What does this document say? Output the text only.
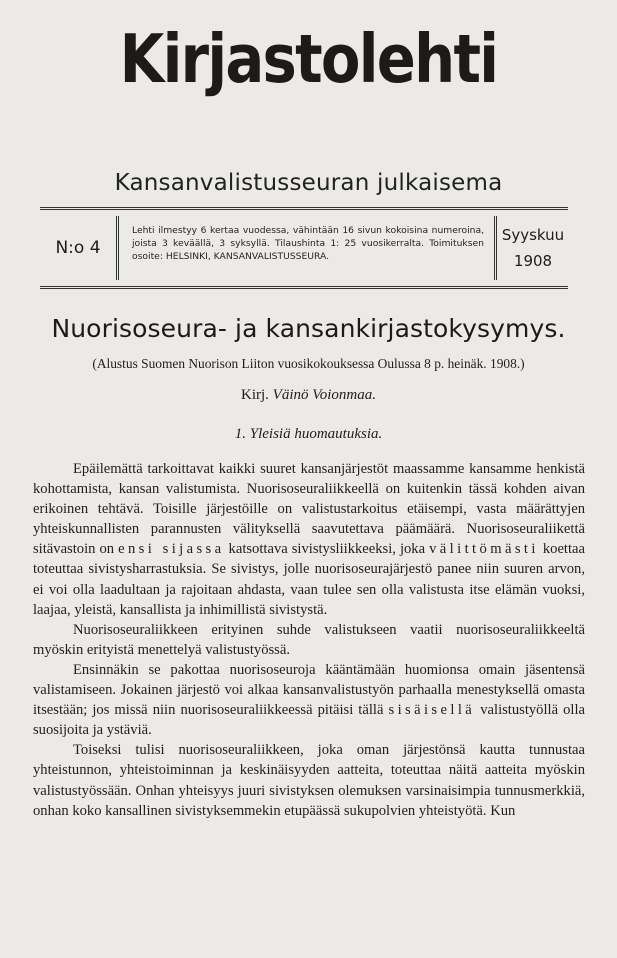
Kirjastolehti
Kansanvalistusseuran julkaisema
N:o 4
Lehti ilmestyy 6 kertaa vuodessa, vähintään 16 sivun kokoisina numeroina, joista 3 keväällä, 3 syksyllä. Tilaushinta 1: 25 vuosikerralta. Toimituksen osoite: HELSINKI, KANSANVALISTUSSEURA.
Syyskuu
1908
Nuorisoseura- ja kansankirjastokysymys.
(Alustus Suomen Nuorison Liiton vuosikokouksessa Oulussa 8 p. heinäk. 1908.)
Kirj. Väinö Voionmaa.
1. Yleisiä huomautuksia.

Epäilemättä tarkoittavat kaikki suuret kansanjärjestöt maassamme kansamme henkistä kohottamista, kansan valistumista. Nuorisoseuraliikkeellä on kuitenkin tässä kohden aivan erikoinen tehtävä. Toisille järjestöille on valistustarkoitus etäisempi, vasta määrättyjen yhteiskunnallisten parannusten välityksellä saavutettava päämäärä. Nuorisoseuraliikettä sitävastoin on ensi sijassa katsottava sivistysliikkeeksi, joka välittömästi koettaa toteuttaa sivistysharrastuksia. Se sivistys, jolle nuorisoseurajärjestö panee niin suuren arvon, ei voi olla laadultaan ja rajoitaan ahdasta, vaan tulee sen olla valistusta itse elämän vuoksi, laajaa, yleistä, kansallista ja inhimillistä sivistystä.

Nuorisoseuraliikkeen erityinen suhde valistukseen vaatii nuorisoseuraliikkeeltä myöskin erityistä menettelyä valistustyössä.

Ensinnäkin se pakottaa nuorisoseuroja kääntämään huomionsa omain jäsentensä valistamiseen. Jokainen järjestö voi alkaa kansanvalistustyön parhaalla menestyksellä omasta itsestään; jos missä niin nuorisoseuraliikkeessä pitäisi tällä sisäisellä valistustyöllä olla suosijoita ja ystäviä.

Toiseksi tulisi nuorisoseuraliikkeen, joka oman järjestönsä kautta tunnustaa yhteistunnon, yhteistoiminnan ja keskinäisyyden aatteita, toteuttaa näitä aatteita myöskin valistustyössään. Onhan yhteisyys juuri sivistyksen olemuksen varsinaisimpia tunnusmerkkiä, onhan koko kansallinen sivistyksemmekin etupäässä sukupolvien yhteistyötä. Kun
